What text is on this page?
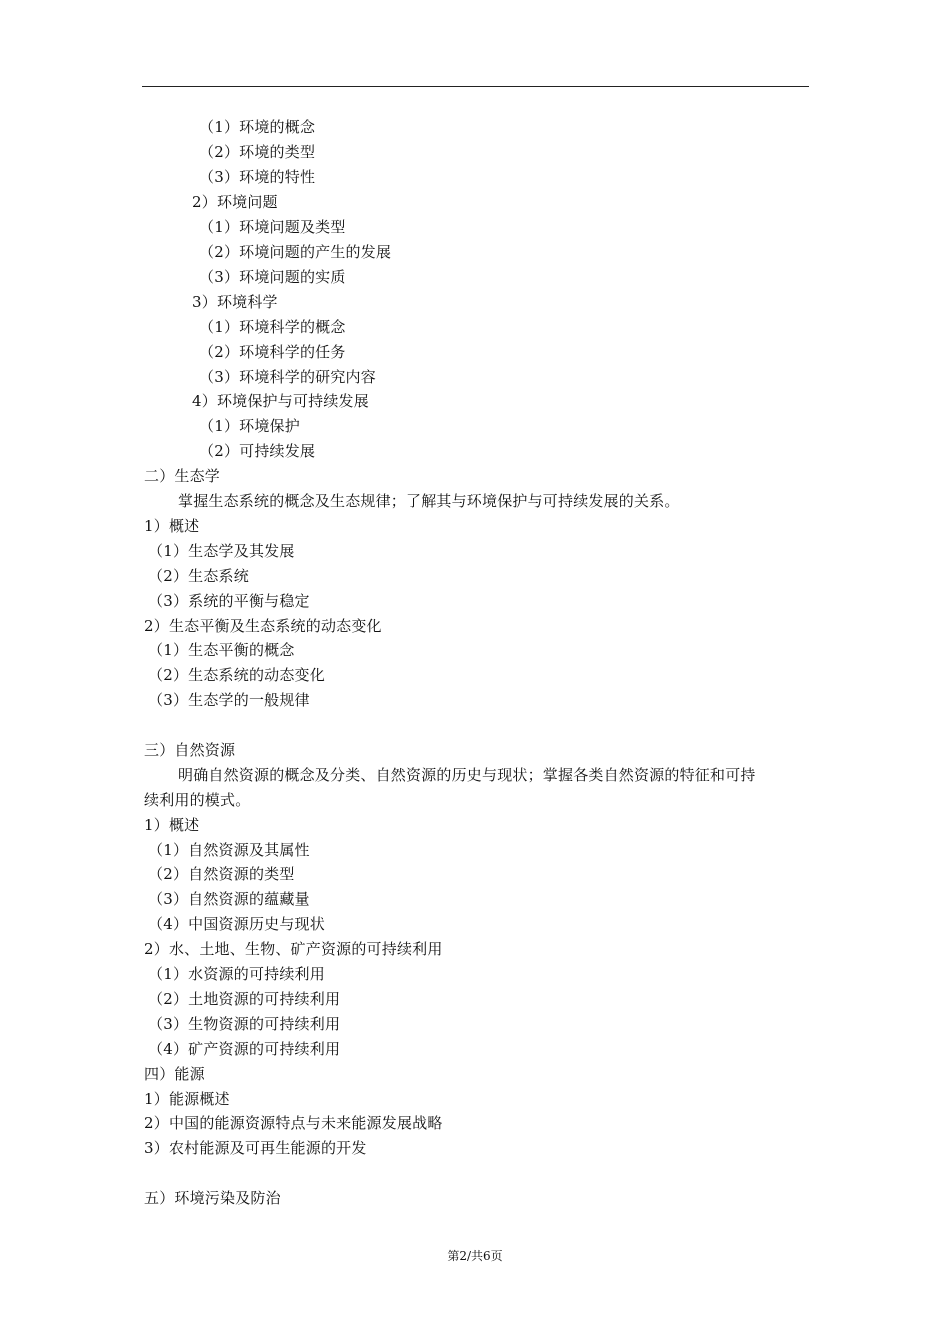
（1）环境的概念
（2）环境的类型
（3）环境的特性
2）环境问题
（1）环境问题及类型
（2）环境问题的产生的发展
（3）环境问题的实质
3）环境科学
（1）环境科学的概念
（2）环境科学的任务
（3）环境科学的研究内容
4）环境保护与可持续发展
（1）环境保护
（2）可持续发展
二）生态学
掌握生态系统的概念及生态规律；了解其与环境保护与可持续发展的关系。
1）概述
（1）生态学及其发展
（2）生态系统
（3）系统的平衡与稳定
2）生态平衡及生态系统的动态变化
（1）生态平衡的概念
（2）生态系统的动态变化
（3）生态学的一般规律
三）自然资源
明确自然资源的概念及分类、自然资源的历史与现状；掌握各类自然资源的特征和可持
续利用的模式。
1）概述
（1）自然资源及其属性
（2）自然资源的类型
（3）自然资源的蕴藏量
（4）中国资源历史与现状
2）水、土地、生物、矿产资源的可持续利用
（1）水资源的可持续利用
（2）土地资源的可持续利用
（3）生物资源的可持续利用
（4）矿产资源的可持续利用
四）能源
1）能源概述
2）中国的能源资源特点与未来能源发展战略
3）农村能源及可再生能源的开发
五）环境污染及防治
第2/共6页
